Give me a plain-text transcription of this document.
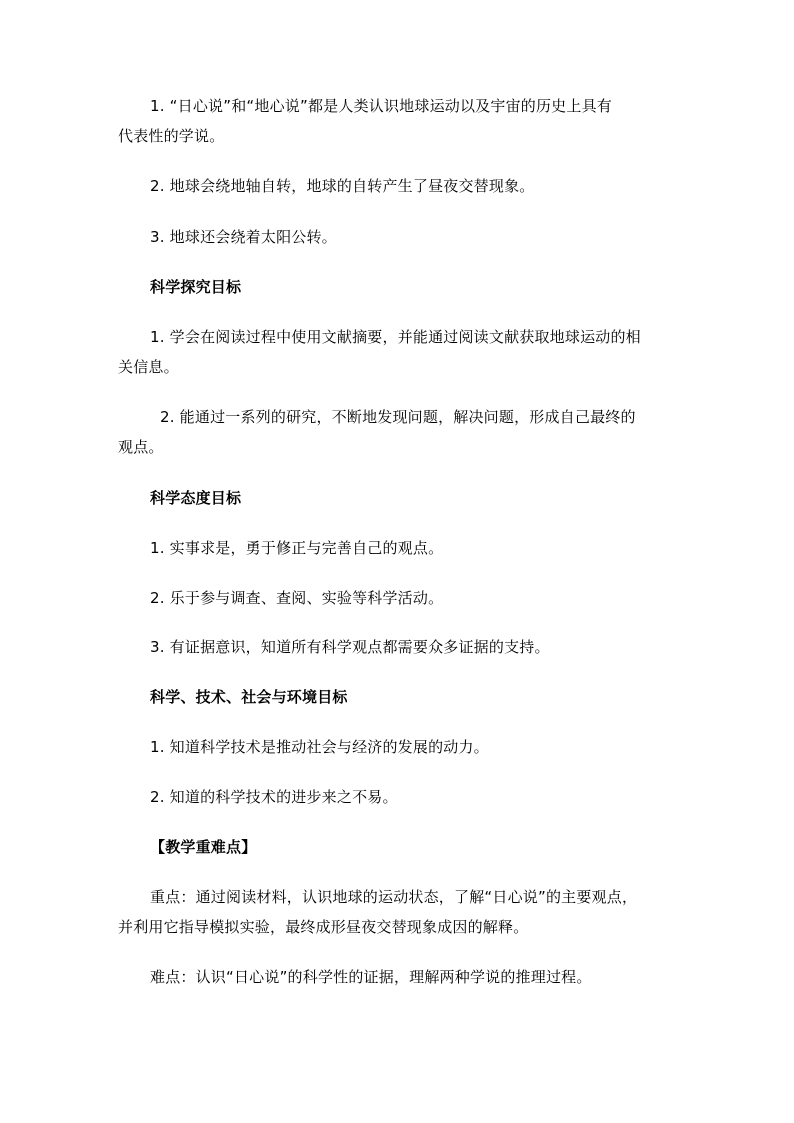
1. “日心说”和“地心说”都是人类认识地球运动以及宇宙的历史上具有
代表性的学说。
2. 地球会绕地轴自转，地球的自转产生了昼夜交替现象。
3. 地球还会绕着太阳公转。
科学探究目标
1. 学会在阅读过程中使用文献摘要，并能通过阅读文献获取地球运动的相
关信息。
2. 能通过一系列的研究，不断地发现问题，解决问题，形成自己最终的
观点。
科学态度目标
1. 实事求是，勇于修正与完善自己的观点。
2. 乐于参与调查、查阅、实验等科学活动。
3. 有证据意识，知道所有科学观点都需要众多证据的支持。
科学、技术、社会与环境目标
1. 知道科学技术是推动社会与经济的发展的动力。
2. 知道的科学技术的进步来之不易。
【教学重难点】
重点：通过阅读材料，认识地球的运动状态，了解“日心说”的主要观点，
并利用它指导模拟实验，最终成形昼夜交替现象成因的解释。
难点：认识“日心说”的科学性的证据，理解两种学说的推理过程。
